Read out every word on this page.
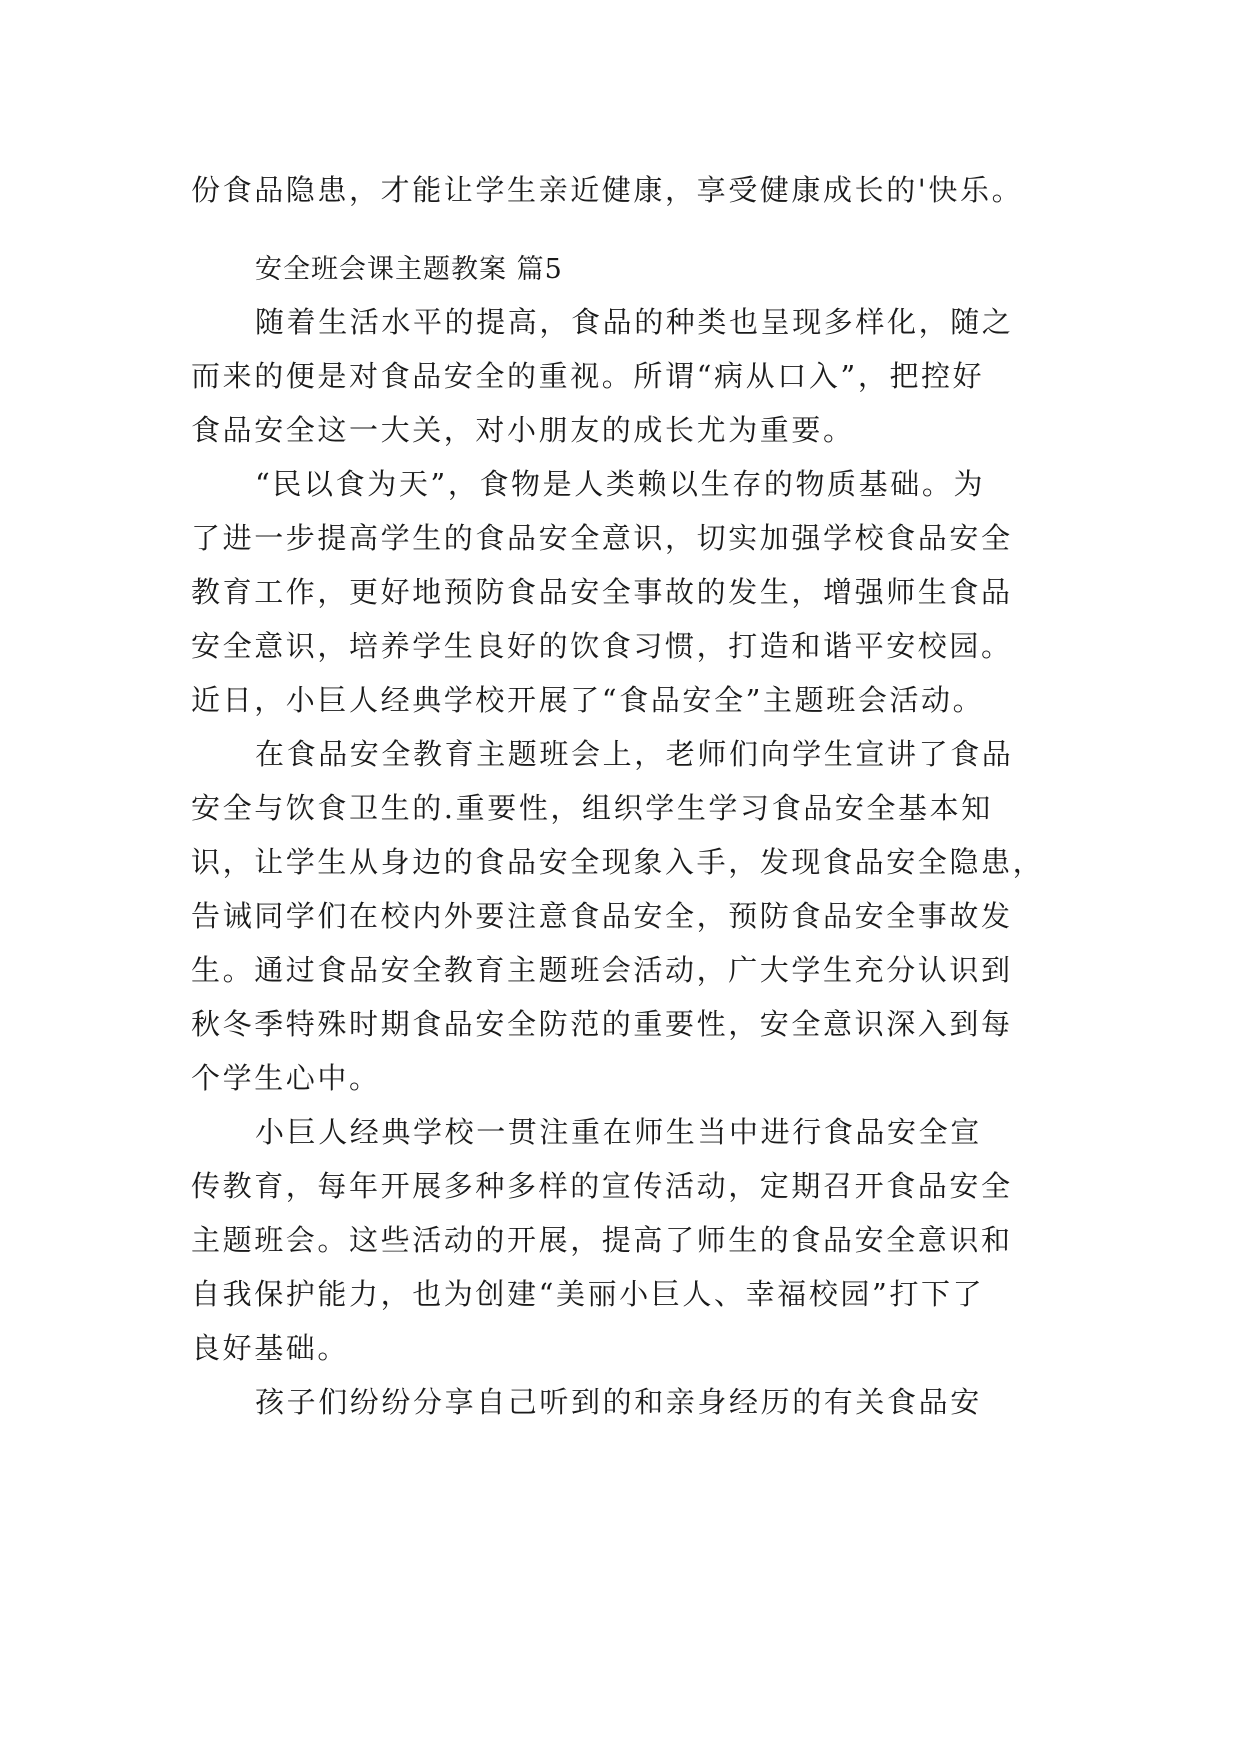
份食品隐患，才能让学生亲近健康，享受健康成长的'快乐。
安全班会课主题教案 篇5
随着生活水平的提高，食品的种类也呈现多样化，随之
而来的便是对食品安全的重视。所谓“病从口入”，把控好
食品安全这一大关，对小朋友的成长尤为重要。
“民以食为天”，食物是人类赖以生存的物质基础。为
了进一步提高学生的食品安全意识，切实加强学校食品安全
教育工作，更好地预防食品安全事故的发生，增强师生食品
安全意识，培养学生良好的饮食习惯，打造和谐平安校园。
近日，小巨人经典学校开展了“食品安全”主题班会活动。
在食品安全教育主题班会上，老师们向学生宣讲了食品
安全与饮食卫生的.重要性，组织学生学习食品安全基本知
识，让学生从身边的食品安全现象入手，发现食品安全隐患，
告诫同学们在校内外要注意食品安全，预防食品安全事故发
生。通过食品安全教育主题班会活动，广大学生充分认识到
秋冬季特殊时期食品安全防范的重要性，安全意识深入到每
个学生心中。
小巨人经典学校一贯注重在师生当中进行食品安全宣
传教育，每年开展多种多样的宣传活动，定期召开食品安全
主题班会。这些活动的开展，提高了师生的食品安全意识和
自我保护能力，也为创建“美丽小巨人、幸福校园”打下了
良好基础。
孩子们纷纷分享自己听到的和亲身经历的有关食品安
